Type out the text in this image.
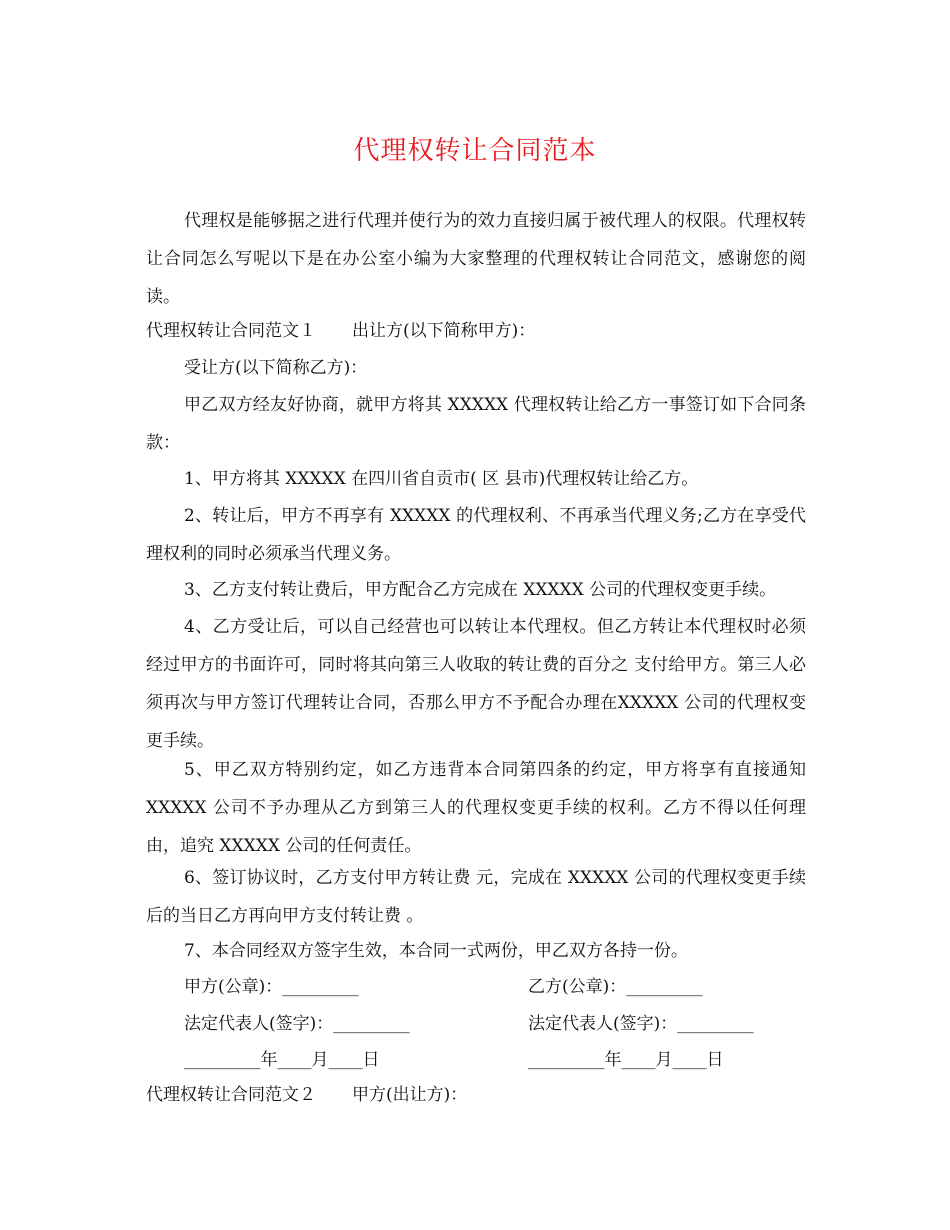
代理权转让合同范本
代理权是能够据之进行代理并使行为的效力直接归属于被代理人的权限。代理权转让合同怎么写呢以下是在办公室小编为大家整理的代理权转让合同范文，感谢您的阅读。
代理权转让合同范文１ 出让方(以下简称甲方)：
受让方(以下简称乙方)：
甲乙双方经友好协商，就甲方将其 XXXXX 代理权转让给乙方一事签订如下合同条款：
1、甲方将其 XXXXX 在四川省自贡市( 区 县市)代理权转让给乙方。
2、转让后，甲方不再享有 XXXXX 的代理权利、不再承当代理义务;乙方在享受代理权利的同时必须承当代理义务。
3、乙方支付转让费后，甲方配合乙方完成在 XXXXX 公司的代理权变更手续。
4、乙方受让后，可以自己经营也可以转让本代理权。但乙方转让本代理权时必须经过甲方的书面许可，同时将其向第三人收取的转让费的百分之 支付给甲方。第三人必须再次与甲方签订代理转让合同，否那么甲方不予配合办理在XXXXX 公司的代理权变更手续。
5、甲乙双方特别约定，如乙方违背本合同第四条的约定，甲方将享有直接通知 XXXXX 公司不予办理从乙方到第三人的代理权变更手续的权利。乙方不得以任何理由，追究 XXXXX 公司的任何责任。
6、签订协议时，乙方支付甲方转让费 元，完成在 XXXXX 公司的代理权变更手续后的当日乙方再向甲方支付转让费 。
7、本合同经双方签字生效，本合同一式两份，甲乙双方各持一份。
甲方(公章)：_________	乙方(公章)：_________
法定代表人(签字)：_________	法定代表人(签字)：_________
_________年____月____日	_________年____月____日
代理权转让合同范文２ 甲方(出让方)：
